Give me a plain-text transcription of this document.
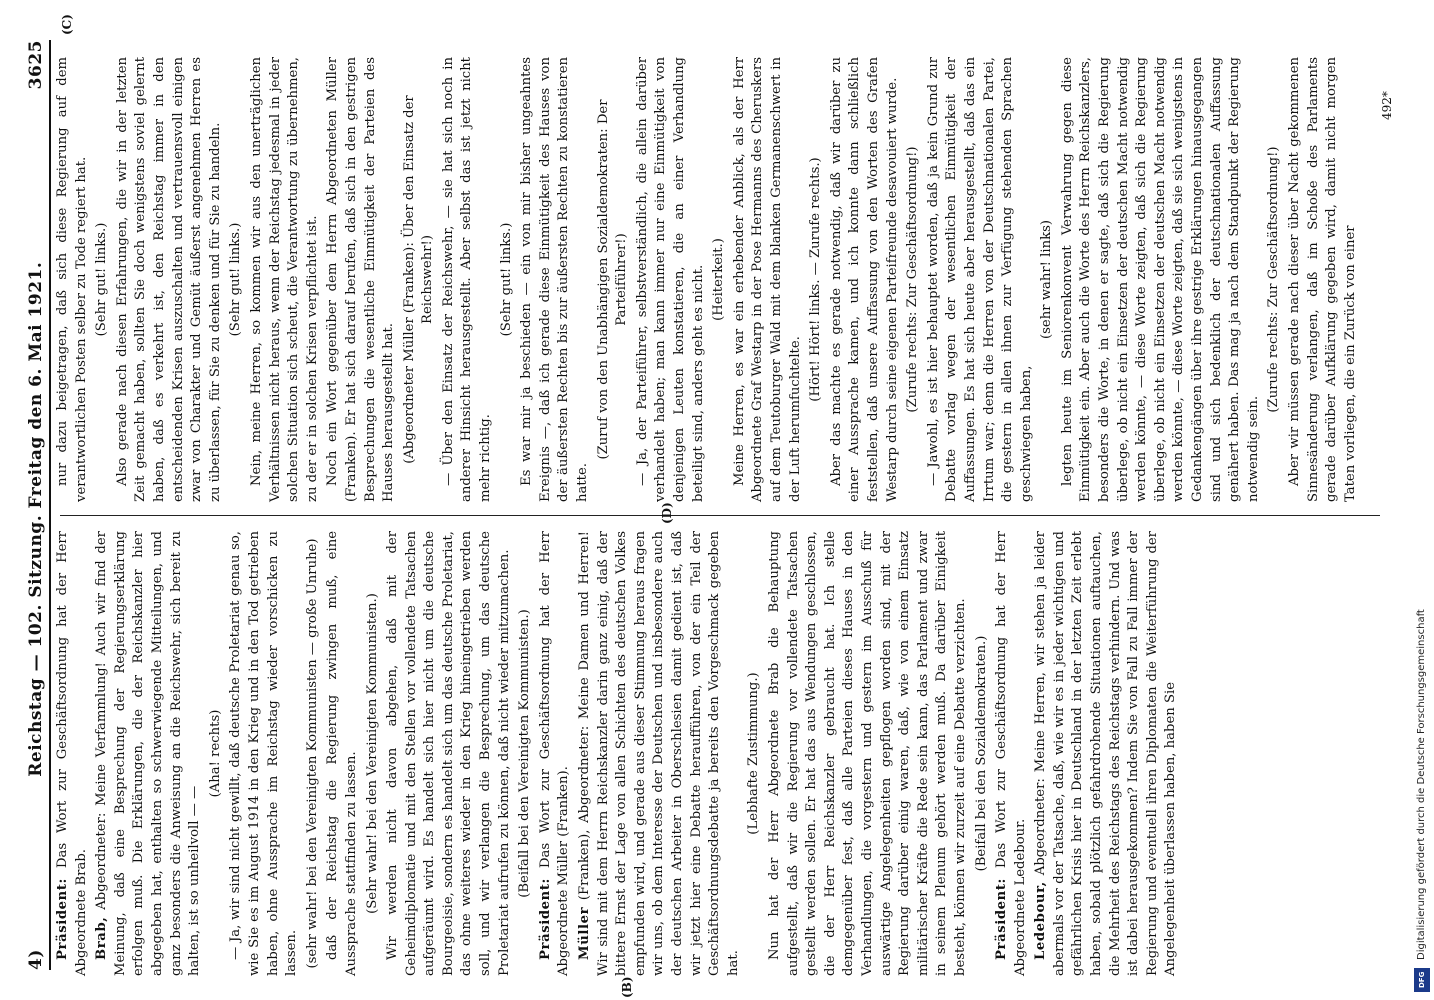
4)
Reichstag — 102. Sitzung. Freitag den 6. Mai 1921.
3625

Präsident: Das Wort zur Geschäftsordnung hat der Herr Abgeordnete Brab. Brab, Abgeordneter: Meine Verfammlung! Auch wir find der Meinung, daß eine Besprechung der Regierungserklärung erfolgen muß. Die Erklärungen, die der Reichskanzler hier abgegeben hat, enthalten so schwerwiegende Mitteilungen, und ganz besonders die Anweisung an die Reichswehr, sich bereit zu halten, ist so unheilvoll — —

(Aha! rechts) — Ja, wir sind nicht gewillt, daß deutsche Proletariat genau so, wie Sie es im August 1914 in den Krieg und in den Tod getrieben haben, ohne Aussprache im Reichstag wieder vorschicken zu lassen. (sehr wahr! bei den Vereinigten Kommunisten — große Unruhe) daß der Reichstag die Regierung zwingen muß, eine Aussprache stattfinden zu lassen. (Sehr wahr! bei den Vereinigten Kommunisten.) Wir werden nicht davon abgehen, daß mit der Geheimdiplomatie und mit den Stellen vor vollendete Tatsachen aufgeräumt wird. Es handelt sich hier nicht um die deutsche Bourgeoisie, sondern es handelt sich um das deutsche Proletariat, das ohne weiteres wieder in den Krieg hineingetrieben werden soll, und wir verlangen die Besprechung, um das deutsche Proletariat aufrufen zu können, daß nicht wieder mitzumachen. (Beifall bei den Vereinigten Kommunisten.)

Präsident: Das Wort zur Geschäftsordnung hat der Herr Abgeordnete Müller (Franken). Müller (Franken), Abgeordneter: Meine Damen und Herren! Wir sind mit dem Herrn Reichskanzler darin ganz einig, daß der bittere Ernst der Lage von allen Schichten des deutschen Volkes empfunden wird, und gerade aus dieser Stimmung heraus fragen wir uns, ob dem Interesse der Deutschen und insbesondere auch der deutschen Arbeiter in Oberschlesien damit gedient ist, daß wir jetzt hier eine Debatte heraufführen, von der ein Teil der Geschäftsordnungsdebatte ja bereits den Vorgeschmack gegeben hat.

(Lebhafte Zustimmung.) Nun hat der Herr Abgeordnete Brab die Behauptung aufgestellt, daß wir die Regierung vor vollendete Tatsachen gestellt werden sollen. Er hat das aus Wendungen geschlossen, die der Herr Reichskanzler gebraucht hat. Ich stelle demgegenüber fest, daß alle Parteien dieses Hauses in den Verhandlungen, die vorgestern und gestern im Ausschuß für auswärtige Angelegenheiten gepflogen worden sind, mit der Regierung darüber einig waren, daß, wie von einem Einsatz militärischer Kräfte die Rede sein kann, das Parlament und zwar in seinem Plenum gehört werden muß. Da darüber Einigkeit besteht, können wir zurzeit auf eine Debatte verzichten. (Beifall bei den Sozialdemokraten.)

Präsident: Das Wort zur Geschäftsordnung hat der Herr Abgeordnete Ledebour. Ledebour, Abgeordneter: Meine Herren, wir stehen ja leider abermals vor der Tatsache, daß, wie wir es in jeder wichtigen und gefährlichen Krisis hier in Deutschland in der letzten Zeit erlebt haben, sobald plötzlich gefahrdrohende Situationen auftauchen, die Mehrheit des Reichstags des Reichstags verhindern. Und was ist dabei herausgekommen? Indem Sie von Fall zu Fall immer der Regierung und eventuell ihren Diplomaten die Weiterführung der Angelegenheit überlassen haben, haben Sie

nur dazu beigetragen, daß sich diese Regierung auf dem verantwortlichen Posten selber zu Tode regiert hat. (Sehr gut! links.) Also gerade nach diesen Erfahrungen, die wir in der letzten Zeit gemacht haben, sollten Sie doch wenigstens soviel gelernt haben, daß es verkehrt ist, den Reichstag immer in den entscheidenden Krisen auszuschalten und vertrauensvoll einigen zwar von Charakter und Gemüt äußerst angenehmen Herren es zu überlassen, für Sie zu denken und für Sie zu handeln. (Sehr gut! links.) Nein, meine Herren, so kommen wir aus den unerträglichen Verhältnissen nicht heraus, wenn der Reichstag jedesmal in jeder solchen Situation sich scheut, die Verantwortung zu übernehmen, zu der er in solchen Krisen verpflichtet ist. Noch ein Wort gegenüber dem Herrn Abgeordneten Müller (Franken). Er hat sich darauf berufen, daß sich in den gestrigen Besprechungen die wesentliche Einmütigkeit der Parteien des Hauses herausgestellt hat. (Abgeordneter Müller (Franken): Über den Einsatz der Reichswehr!) — Über den Einsatz der Reichswehr, — sie hat sich noch in anderer Hinsicht herausgestellt. Aber selbst das ist jetzt nicht mehr richtig.

(Sehr gut! links.) Es war mir ja beschieden — ein von mir bisher ungeahntes Ereignis —, daß ich gerade diese Einmütigkeit des Hauses von der äußersten Rechten bis zur äußersten Rechten zu konstatieren hatte.

(Zuruf von den Unabhängigen Sozialdemokraten: Der Parteiführer!) — Ja, der Parteiführer, selbstverständlich, die allein darüber verhandelt haben; man kann immer nur eine Einmütigkeit von denjenigen Leuten konstatieren, die an einer Verhandlung beteiligt sind, anders geht es nicht. (Heiterkeit.) Meine Herren, es war ein erhebender Anblick, als der Herr Abgeordnete Graf Westarp in der Pose Hermanns des Cheruskers auf dem Teutoburger Wald mit dem blanken Germanenschwert in der Luft herumfuchtelte.

(Hört! Hört! links. — Zurufe rechts.) Aber das machte es gerade notwendig, daß wir darüber zu einer Aussprache kamen, und ich konnte dann schließlich feststellen, daß unsere Auffassung von den Worten des Grafen Westarp durch seine eigenen Parteifreunde desavouiert wurde. (Zurufe rechts: Zur Geschäftsordnung!) — Jawohl, es ist hier behauptet worden, daß ja kein Grund zur Debatte vorlag wegen der wesentlichen Einmütigkeit der Auffassungen. Es hat sich heute aber herausgestellt, daß das ein Irrtum war; denn die Herren von der Deutschnationalen Partei, die gestern in allen ihnen zur Verfügung stehenden Sprachen geschwiegen haben,

(sehr wahr! links) legten heute im Seniorenkonvent Verwahrung gegen diese Einmütigkeit ein. Aber auch die Worte des Herrn Reichskanzlers, besonders die Worte, in denen er sagte, daß sich die Regierung überlege, ob nicht ein Einsetzen der deutschen Macht notwendig werden könnte, — diese Worte zeigten, daß sich die Regierung überlege, ob nicht ein Einsetzen der deutschen Macht notwendig werden könnte, — diese Worte zeigten, daß sie sich wenigstens in Gedankengängen über ihre gestrige Erklärungen hinausgegangen sind und sich bedenklich der deutschnationalen Auffassung genähert haben. Das mag ja nach dem Standpunkt der Regierung notwendig sein.

(Zurufe rechts: Zur Geschäftsordnung!) Aber wir müssen gerade nach dieser über Nacht gekommenen Sinnesänderung verlangen, daß im Schoße des Parlaments gerade darüber Aufklärung gegeben wird, damit nicht morgen Taten vorliegen, die ein Zurück von einer

(B)
(C)
(D)
492*
Digitalisierung gefördert durch die Deutsche Forschungsgemeinschaft
DFG
